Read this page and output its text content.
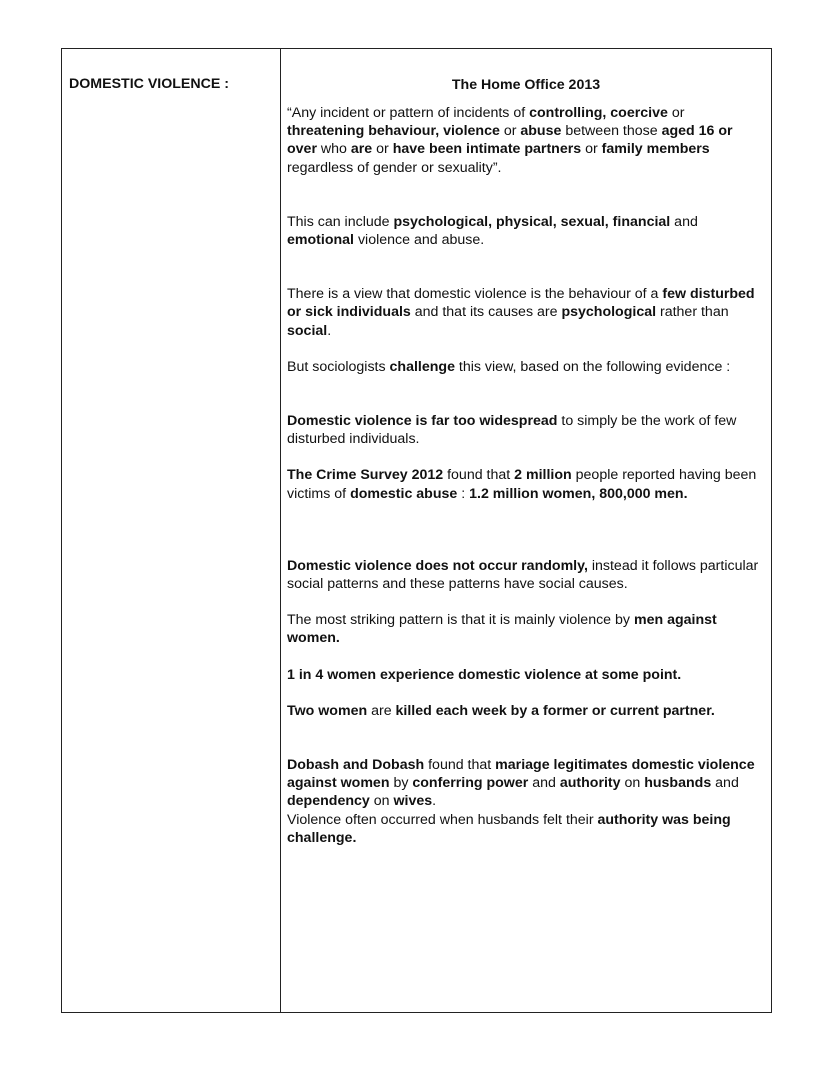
DOMESTIC VIOLENCE :	The Home Office 2013

“Any incident or pattern of incidents of controlling, coercive or threatening behaviour, violence or abuse between those aged 16 or over who are or have been intimate partners or family members regardless of gender or sexuality”.

This can include psychological, physical, sexual, financial and emotional violence and abuse.

There is a view that domestic violence is the behaviour of a few disturbed or sick individuals and that its causes are psychological rather than social.

But sociologists challenge this view, based on the following evidence :

Domestic violence is far too widespread to simply be the work of few disturbed individuals.

The Crime Survey 2012 found that 2 million people reported having been victims of domestic abuse : 1.2 million women, 800,000 men.

Domestic violence does not occur randomly, instead it follows particular social patterns and these patterns have social causes.

The most striking pattern is that it is mainly violence by men against women.

1 in 4 women experience domestic violence at some point.

Two women are killed each week by a former or current partner.

Dobash and Dobash found that mariage legitimates domestic violence against women by conferring power and authority on husbands and dependency on wives.
Violence often occurred when husbands felt their authority was being challenge.
